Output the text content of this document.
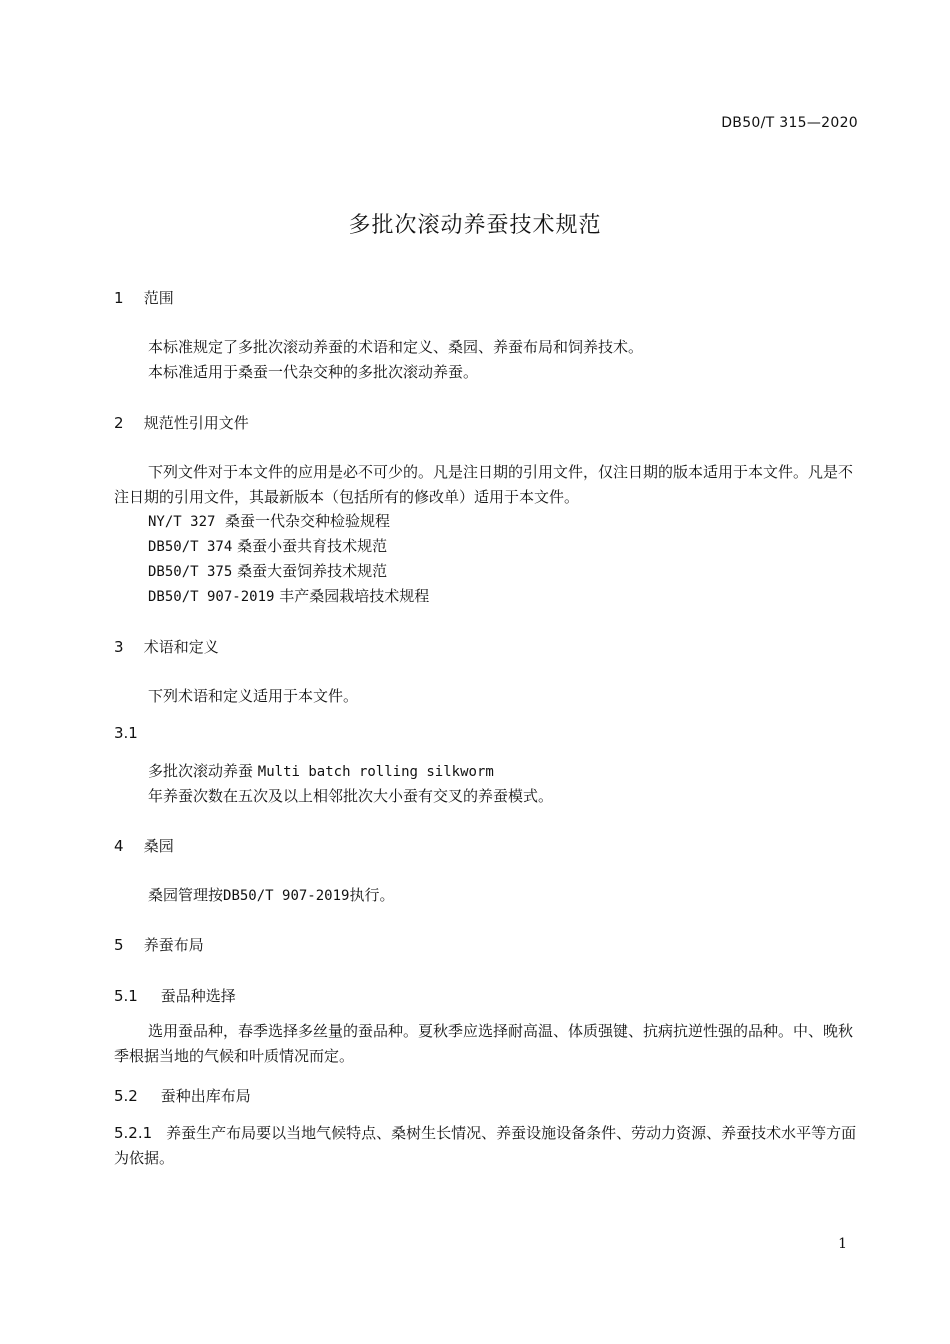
DB50/T 315—2020
多批次滚动养蚕技术规范
1 范围
本标准规定了多批次滚动养蚕的术语和定义、桑园、养蚕布局和饲养技术。
本标准适用于桑蚕一代杂交种的多批次滚动养蚕。
2 规范性引用文件
下列文件对于本文件的应用是必不可少的。凡是注日期的引用文件，仅注日期的版本适用于本文件。凡是不注日期的引用文件，其最新版本（包括所有的修改单）适用于本文件。
NY/T 327 桑蚕一代杂交种检验规程
DB50/T 374 桑蚕小蚕共育技术规范
DB50/T 375 桑蚕大蚕饲养技术规范
DB50/T 907-2019 丰产桑园栽培技术规程
3 术语和定义
下列术语和定义适用于本文件。
3.1
多批次滚动养蚕 Multi batch rolling silkworm
年养蚕次数在五次及以上相邻批次大小蚕有交叉的养蚕模式。
4 桑园
桑园管理按DB50/T 907-2019执行。
5 养蚕布局
5.1 蚕品种选择
选用蚕品种，春季选择多丝量的蚕品种。夏秋季应选择耐高温、体质强键、抗病抗逆性强的品种。中、晚秋季根据当地的气候和叶质情况而定。
5.2 蚕种出库布局
5.2.1 养蚕生产布局要以当地气候特点、桑树生长情况、养蚕设施设备条件、劳动力资源、养蚕技术水平等方面为依据。
1
